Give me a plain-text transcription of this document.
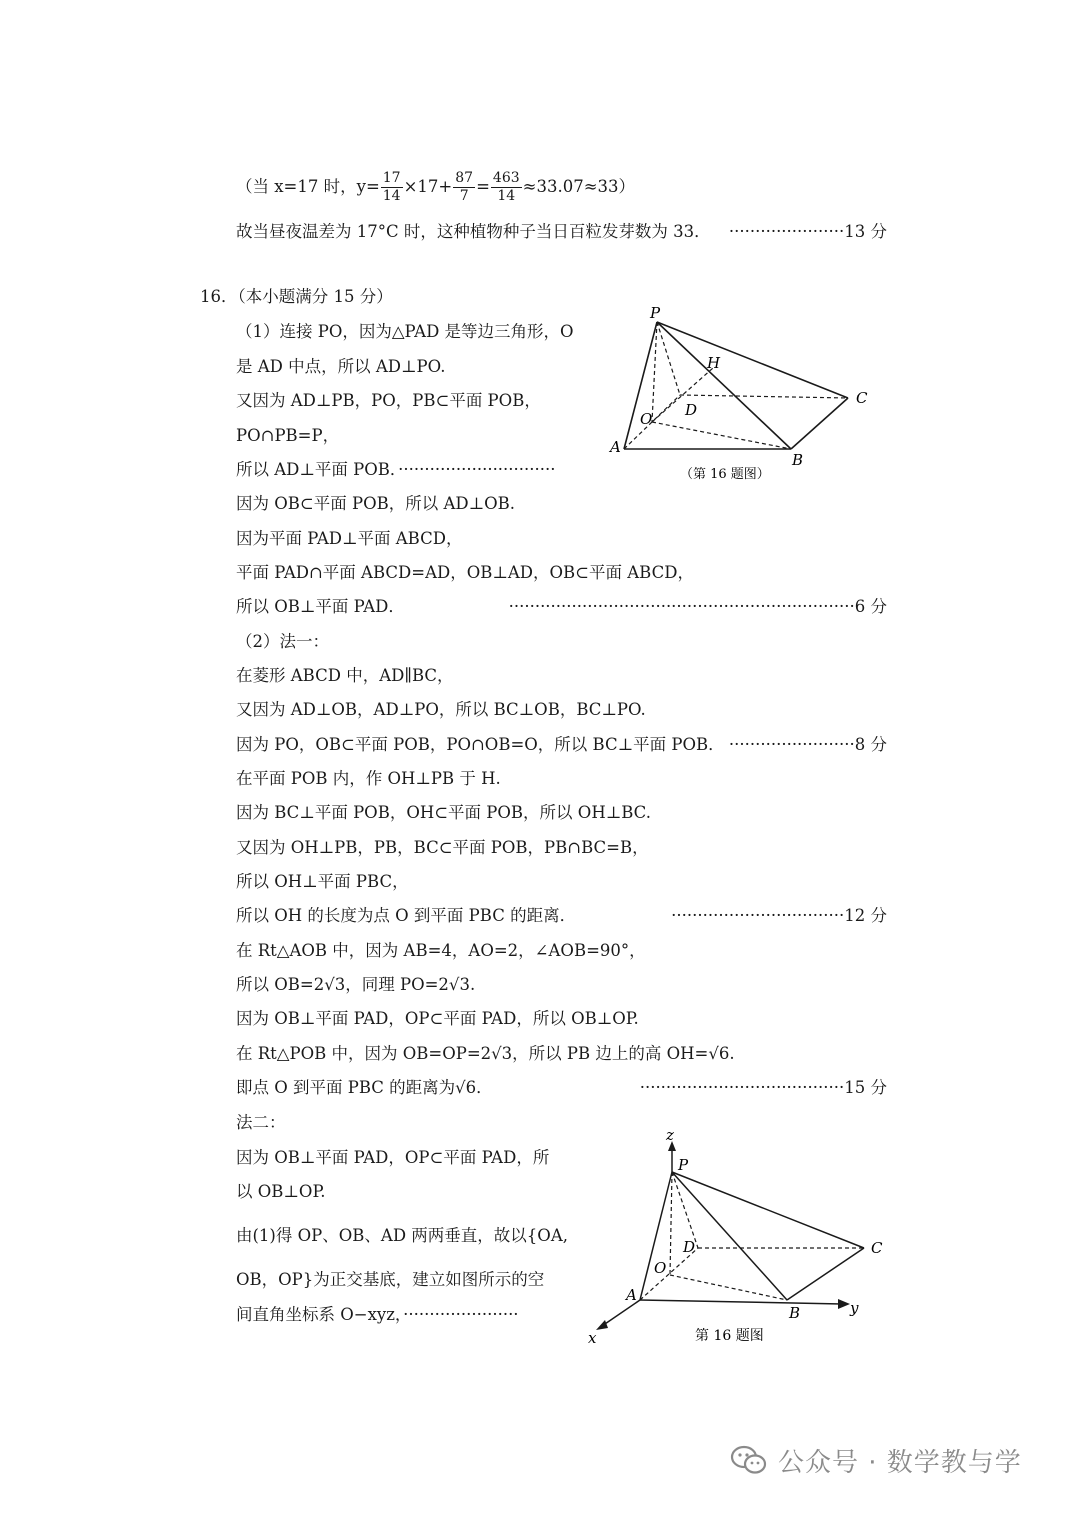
（当 x=17 时，$y= \frac{17}{14} \times 17+ \frac{87}{7} = \frac{463}{14} \approx 33.07\approx 33$）
故当昼夜温差为 17°C 时，这种植物种子当日百粒发芽数为 33． ······················13 分
16．（本小题满分 15 分）
（1）连接 PO，因为△PAD 是等边三角形，O
是 AD 中点，所以 AD⊥PO.
又因为 AD⊥PB，PO，PB⊂平面 POB，
PO∩PB=P，
所以 AD⊥平面 POB．······························
因为 OB⊂平面 POB，所以 AD⊥OB.
因为平面 PAD⊥平面 ABCD，
平面 PAD∩平面 ABCD=AD，OB⊥AD，OB⊂平面 ABCD，
所以 OB⊥平面 PAD．	··································································6 分
（2）法一：
在菱形 ABCD 中，AD∥BC，
又因为 AD⊥OB，AD⊥PO，所以 BC⊥OB，BC⊥PO.
因为 PO，OB⊂平面 POB，PO∩OB=O，所以 BC⊥平面 POB． ························8 分
在平面 POB 内，作 OH⊥PB 于 H.
因为 BC⊥平面 POB，OH⊂平面 POB，所以 OH⊥BC.
又因为 OH⊥PB，PB，BC⊂平面 POB，PB∩BC=B，
所以 OH⊥平面 PBC，
所以 OH 的长度为点 O 到平面 PBC 的距离．	·································12 分
在 Rt△AOB 中，因为 AB=4，AO=2，∠AOB=90°，
所以 OB=2√3，同理 PO=2√3.
因为 OB⊥平面 PAD，OP⊂平面 PAD，所以 OB⊥OP.
在 Rt△POB 中，因为 OB=OP=2√3，所以 PB 边上的高 OH=√6.
即点 O 到平面 PBC 的距离为√6．	·······································15 分
法二：
因为 OB⊥平面 PAD，OP⊂平面 PAD，所
以 OB⊥OP.
由(1)得 OP、OB、AD 两两垂直，故以{OA,
OB，OP}为正交基底，建立如图所示的空
间直角坐标系 O−xyz，······················
P
H
C
D
O
A
B
（第 16 题图）
z
P
C
D
O
A
B	y
x	第 16 题图
公众号 · 数学教与学
